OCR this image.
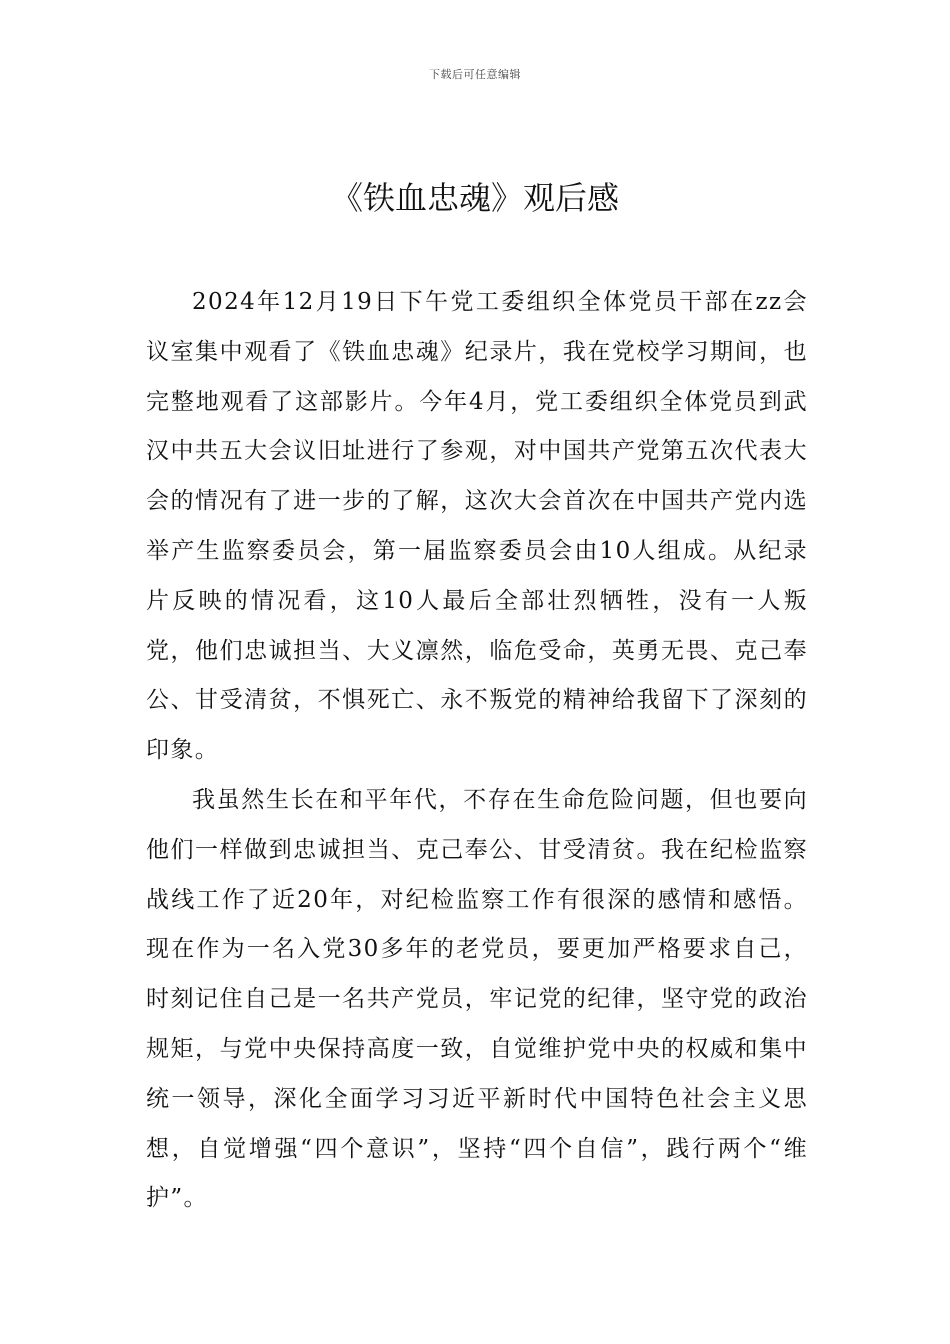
下载后可任意编辑
《铁血忠魂》观后感

2024年12月19日下午党工委组织全体党员干部在zz会议室集中观看了《铁血忠魂》纪录片，我在党校学习期间，也完整地观看了这部影片。今年4月，党工委组织全体党员到武汉中共五大会议旧址进行了参观，对中国共产党第五次代表大会的情况有了进一步的了解，这次大会首次在中国共产党内选举产生监察委员会，第一届监察委员会由10人组成。从纪录片反映的情况看，这10人最后全部壮烈牺牲，没有一人叛党，他们忠诚担当、大义凛然，临危受命，英勇无畏、克己奉公、甘受清贫，不惧死亡、永不叛党的精神给我留下了深刻的印象。

我虽然生长在和平年代，不存在生命危险问题，但也要向他们一样做到忠诚担当、克己奉公、甘受清贫。我在纪检监察战线工作了近20年，对纪检监察工作有很深的感情和感悟。现在作为一名入党30多年的老党员，要更加严格要求自己，时刻记住自己是一名共产党员，牢记党的纪律，坚守党的政治规矩，与党中央保持高度一致，自觉维护党中央的权威和集中统一领导，深化全面学习习近平新时代中国特色社会主义思想，自觉增强“四个意识”，坚持“四个自信”，践行两个“维护”。
